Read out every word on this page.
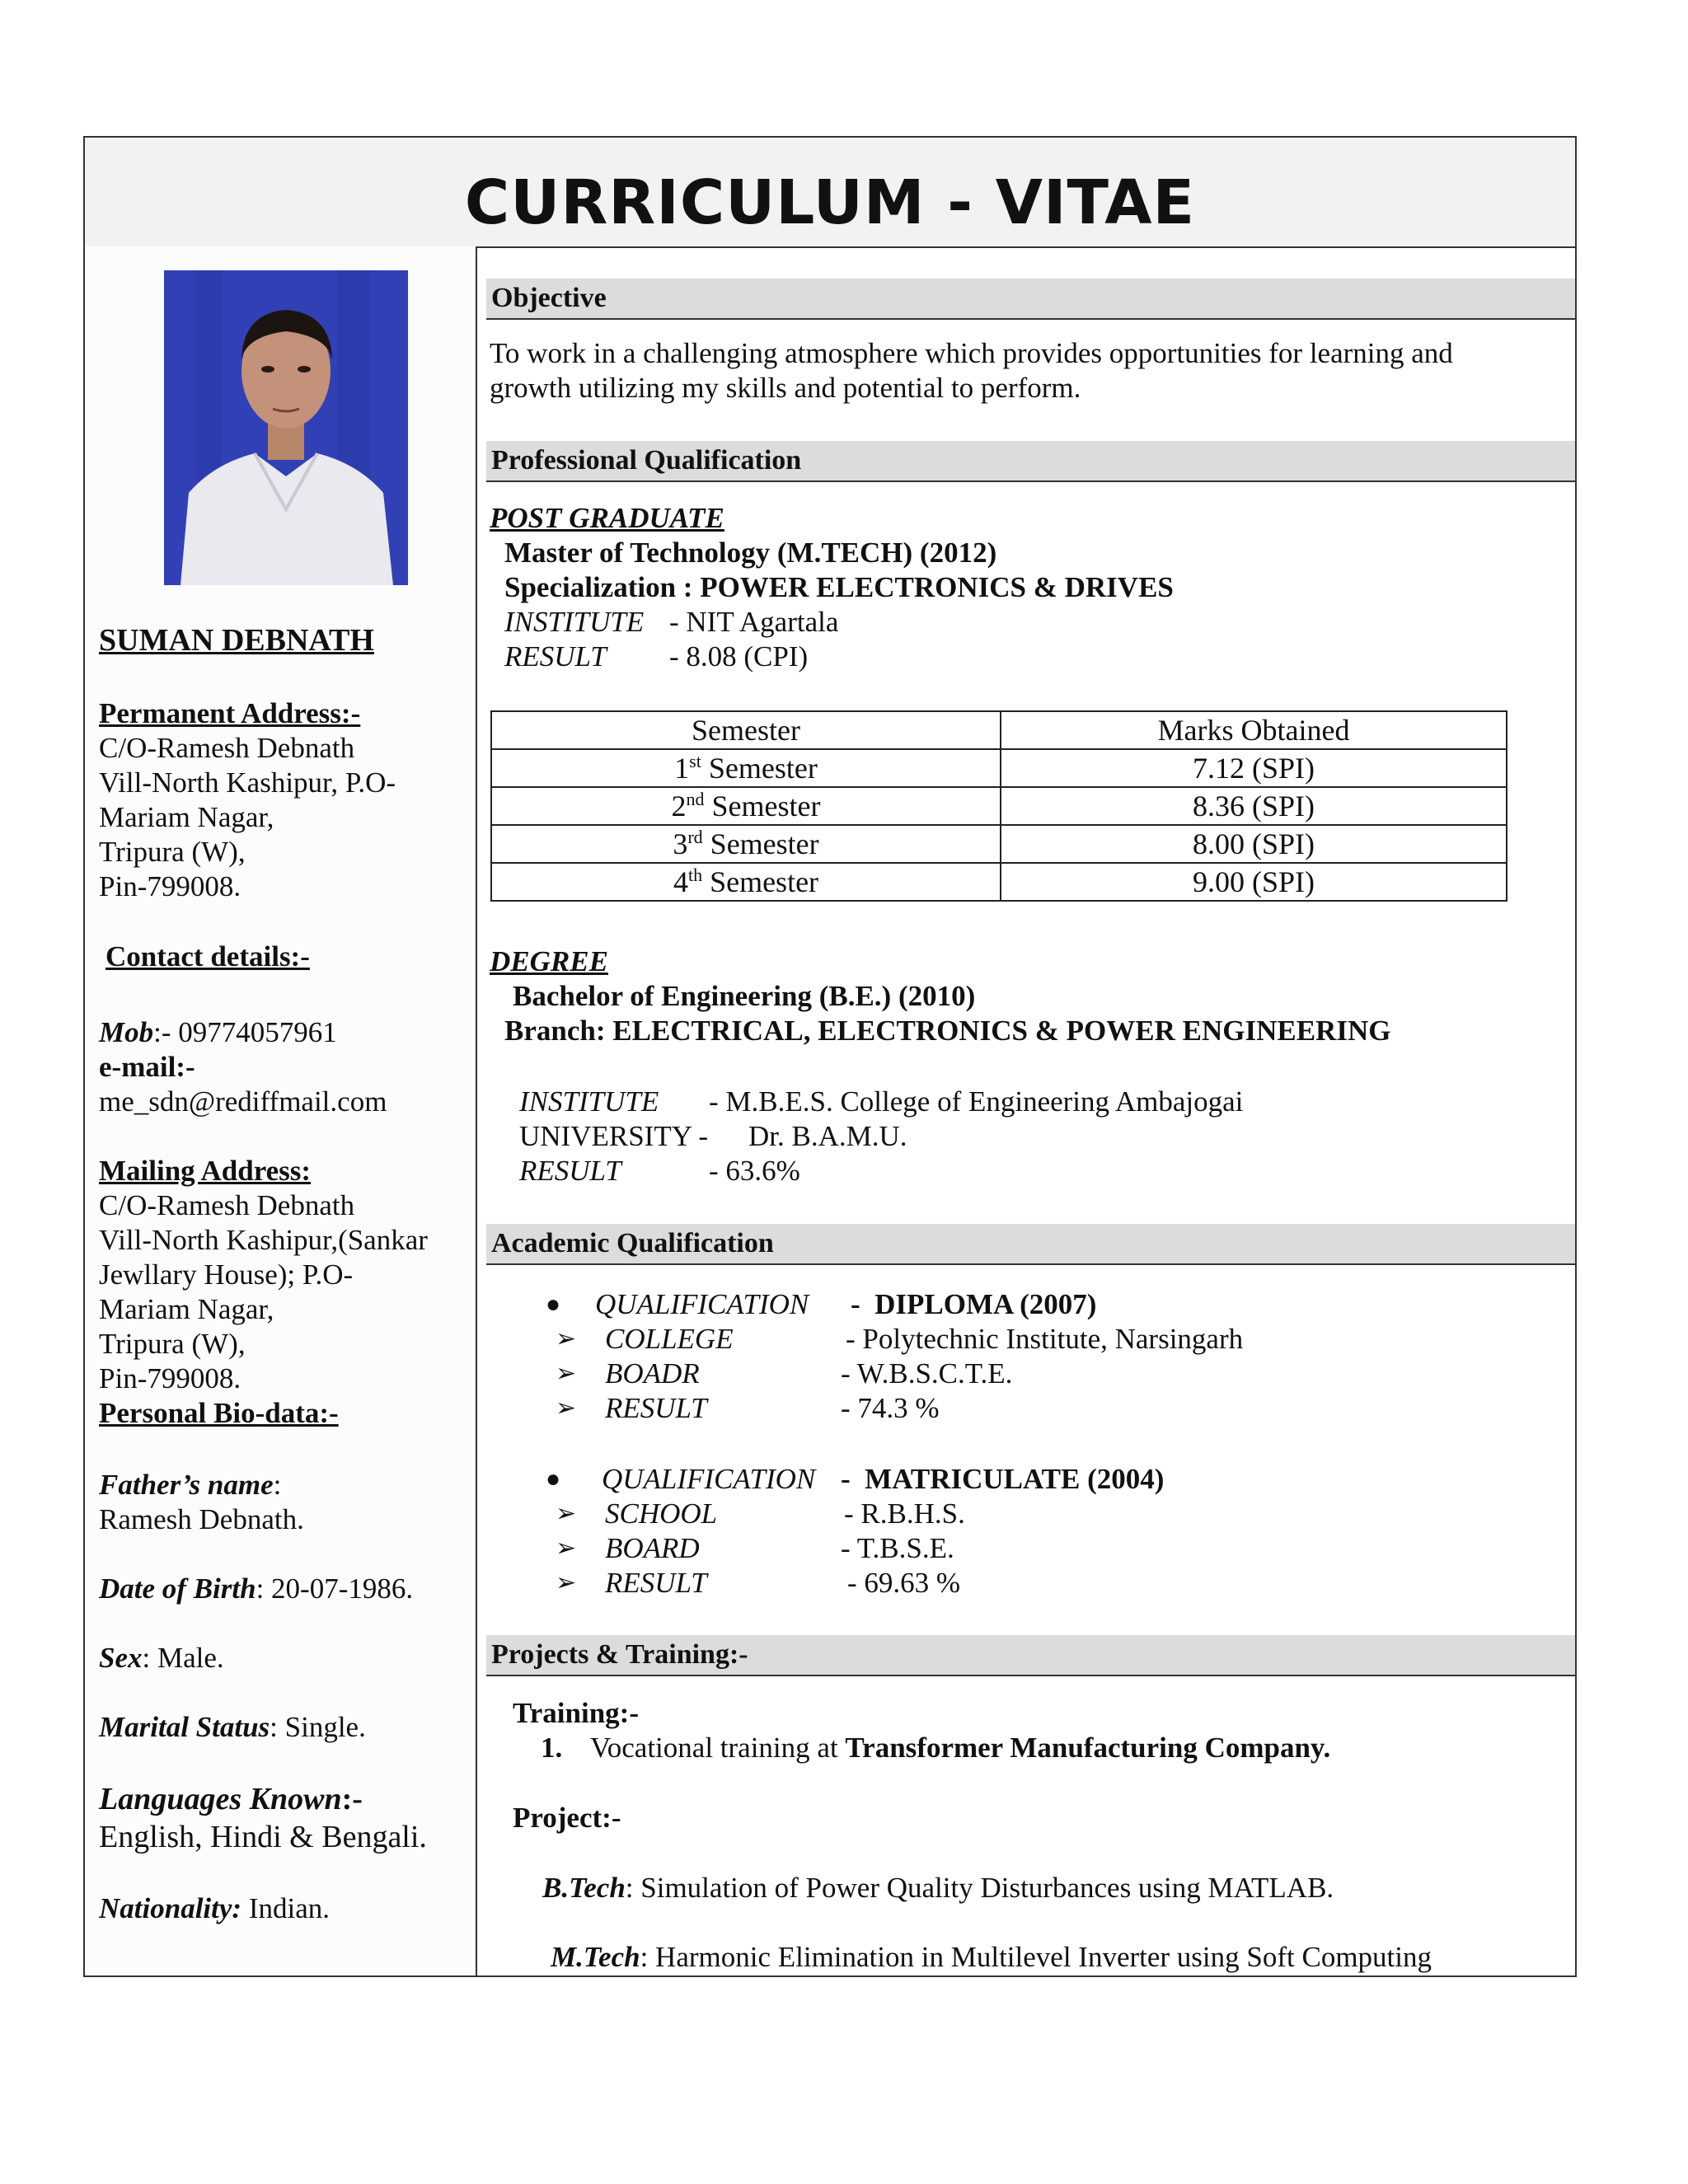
CURRICULUM - VITAE
SUMAN DEBNATH
Permanent Address:-
C/O-Ramesh Debnath
Vill-North Kashipur, P.O-
Mariam Nagar,
Tripura (W),
Pin-799008.
Contact details:-
Mob:- 09774057961
e-mail:-
me_sdn@rediffmail.com
Mailing Address:
C/O-Ramesh Debnath
Vill-North Kashipur,(Sankar
Jewllary House); P.O-
Mariam Nagar,
Tripura (W),
Pin-799008.
Personal Bio-data:-
Father’s name:
Ramesh Debnath.
Date of Birth: 20-07-1986.
Sex: Male.
Marital Status: Single.
Languages Known:-
English, Hindi & Bengali.
Nationality: Indian.
Objective
To work in a challenging atmosphere which provides opportunities for learning and
growth utilizing my skills and potential to perform.
Professional Qualification
POST GRADUATE
Master of Technology (M.TECH) (2012)
Specialization : POWER ELECTRONICS & DRIVES
INSTITUTE - NIT Agartala
RESULT - 8.08 (CPI)
Semester	Marks Obtained
1st Semester	7.12 (SPI)
2nd Semester	8.36 (SPI)
3rd Semester	8.00 (SPI)
4th Semester	9.00 (SPI)
DEGREE
Bachelor of Engineering (B.E.) (2010)
Branch: ELECTRICAL, ELECTRONICS & POWER ENGINEERING
INSTITUTE - M.B.E.S. College of Engineering Ambajogai
UNIVERSITY - Dr. B.A.M.U.
RESULT	- 63.6%
Academic Qualification
● QUALIFICATION -  DIPLOMA (2007)
➢ COLLEGE	- Polytechnic Institute, Narsingarh
➢ BOADR	- W.B.S.C.T.E.
➢ RESULT	- 74.3 %
● QUALIFICATION -  MATRICULATE (2004)
➢ SCHOOL	- R.B.H.S.
➢ BOARD	- T.B.S.E.
➢ RESULT	- 69.63 %
Projects & Training:-
Training:-
1. Vocational training at Transformer Manufacturing Company.
Project:-
B.Tech: Simulation of Power Quality Disturbances using MATLAB.
M.Tech: Harmonic Elimination in Multilevel Inverter using Soft Computing
